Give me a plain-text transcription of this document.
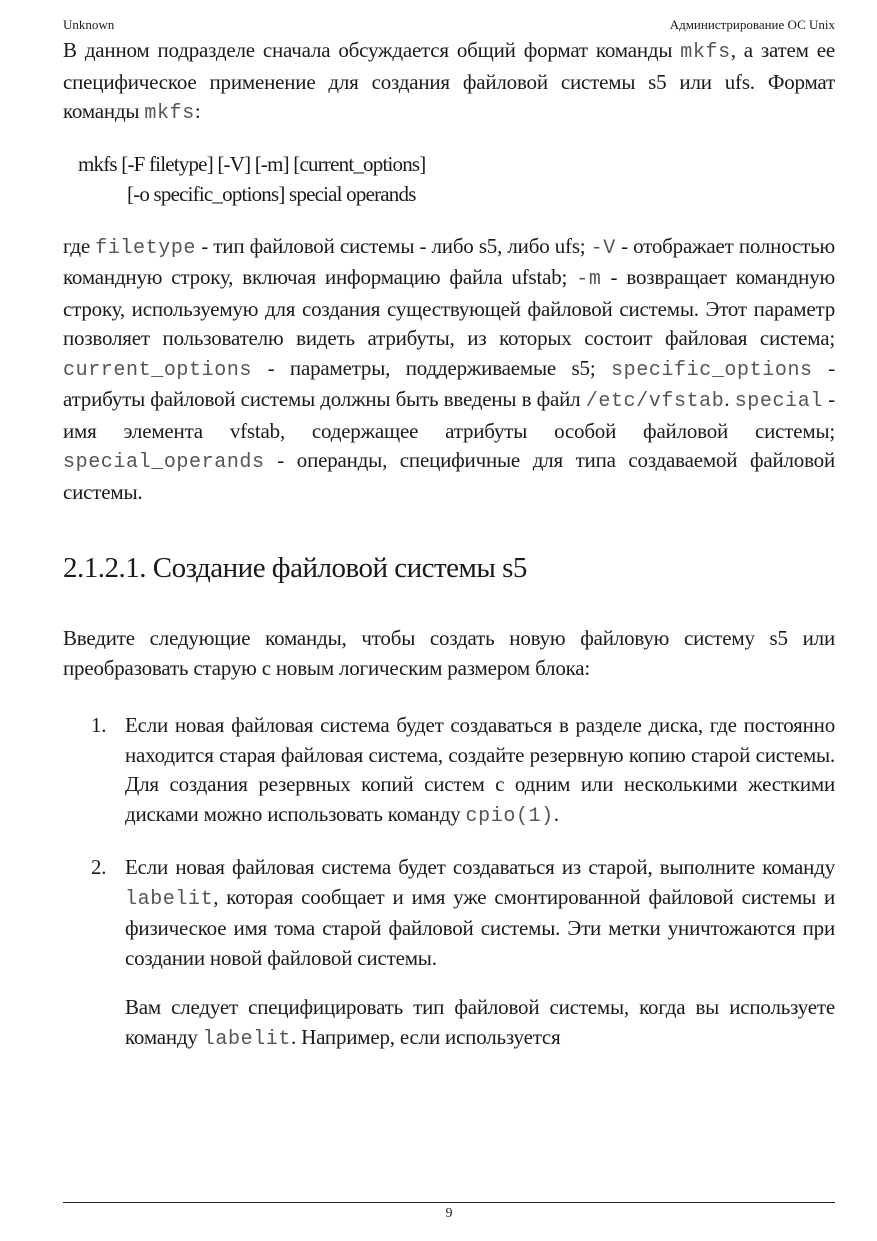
Unknown	Администрирование ОС Unix

В данном подразделе сначала обсуждается общий формат команды mkfs, а затем ее специфическое применение для создания файловой системы s5 или ufs. Формат команды mkfs:

mkfs [-F filetype] [-V] [-m] [current_options]
[-o specific_options] special operands

где filetype - тип файловой системы - либо s5, либо ufs; -V - отображает полностью командную строку, включая информацию файла ufstab; -m - возвращает командную строку, используемую для создания существующей файловой системы. Этот параметр позволяет пользователю видеть атрибуты, из которых состоит файловая система; current_options - параметры, поддерживаемые s5; specific_options - атрибуты файловой системы должны быть введены в файл /etc/vfstab. special - имя элемента vfstab, содержащее атрибуты особой файловой системы; special_operands - операнды, специфичные для типа создаваемой файловой системы.

2.1.2.1. Создание файловой системы s5

Введите следующие команды, чтобы создать новую файловую систему s5 или преобразовать старую с новым логическим размером блока:

1. Если новая файловая система будет создаваться в разделе диска, где постоянно находится старая файловая система, создайте резервную копию старой системы. Для создания резервных копий систем с одним или несколькими жесткими дисками можно использовать команду cpio(1).

2. Если новая файловая система будет создаваться из старой, выполните команду labelit, которая сообщает и имя уже смонтированной файловой системы и физическое имя тома старой файловой системы. Эти метки уничтожаются при создании новой файловой системы.

Вам следует специфицировать тип файловой системы, когда вы используете команду labelit. Например, если используется

9
